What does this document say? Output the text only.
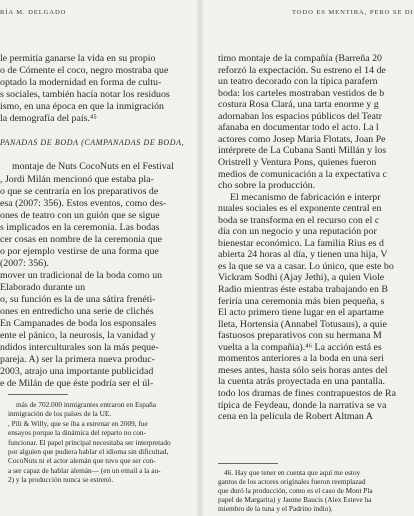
RÍA M. DELGADO	TODO ES MENTIRA, PERO SE DI
le permitía ganarse la vida en su propio
o de Cómente el coco, negro mostraba que
optado la modernidad en forma de cultu-
s sociales, también hacía notar los residuos
ismo, en una época en que la inmigración
la demografía del país.⁴⁵
PANADAS DE BODA (CAMPANADAS DE BODA,
montaje de Nuts CocoNuts en el Festival
, Jordi Milán mencionó que estaba pla-
o que se centraría en los preparativos de
esa (2007: 356). Estos eventos, como des-
ones de teatro con un guión que se sigue
s implicados en la ceremonia. Las bodas
cer cosas en nombre de la ceremonia que
o por ejemplo vestirse de una forma que
(2007: 356).
mover un tradicional de la boda como un
Elaborado durante un
o, su función es la de una sátira frenéti-
ones en entredicho una serie de clichés
En Campanades de boda los esponsales
ente el pánico, la neurosis, la vanidad y
ndidos interculturales son la más peque-
pareja. A) ser la primera nueva produc-
2003, atrajo una importante publicidad
e de Milán de que éste podría ser el úl-
más de 702.000 inmigrantes entraron en España
inmigración de los países de la UE.
, Pili & Willy, que se iba a estrenar en 2009, fue
ensayos porque la dinámica del reparto no con-
funcionar. El papel principal necesitaba ser interpretado
por alguien que pudiera hablar el idioma sin dificultad,
CocoNuts ni el actor alemán que tuvo que ser con-
a ser capaz de hablar alemán— (en un email a la au-
2) y la producción nunca se estrenó.
timo montaje de la compañía (Barreña 20
reforzó la expectación. Su estreno el 14 de
un teatro decorado con la típica parafern
boda: los carteles mostraban vestidos de b
costura Rosa Clará, una tarta enorme y g
adornaban los espacios públicos del Teatr
afanaba en documentar todo el acto. La l
actores como Josep Maria Flotats, Joan Pe
intérprete de La Cubana Santi Millán y los
Oristrell y Ventura Pons, quienes fueron
medios de comunicación a la expectativa c
cho sobre la producción.
El mecanismo de fabricación e interpr
nuales sociales es el exponente central en
boda se transforma en el recurso con el c
día con un negocio y una reputación por
bienestar económico. La familia Rius es d
abierta 24 horas al día, y tienen una hija, V
es la que se va a casar. Lo único, que este bo
Vickram Sodhi (Ajay Jethi), a quien Viole
Radio mientras éste estaba trabajando en B
feriría una ceremonia más bien pequeña, s
El acto primero tiene lugar en el apartame
lleta, Hortensia (Annabel Totusaus), a quie
fastuosos preparativos con su hermana M
vuelta a la compañía).⁴⁶ La acción está es
momentos anteriores a la boda en una seri
meses antes, hasta sólo seis horas antes del
la cuenta atrás proyectada en una pantalla.
todo los dramas de fines contrapuestos de Ra
típica de Feydeau, donde la narrativa se va
cena en la película de Robert Altman A
46. Hay que tener en cuenta que aquí me estoy
gantos de los actores originales fueron reemplazad
que duró la producción, como es el caso de Mont Pla
papel de Margarita) y Jaume Baucis (Alex Esteve ha
miembro de la tuna y el Padrino indio).
